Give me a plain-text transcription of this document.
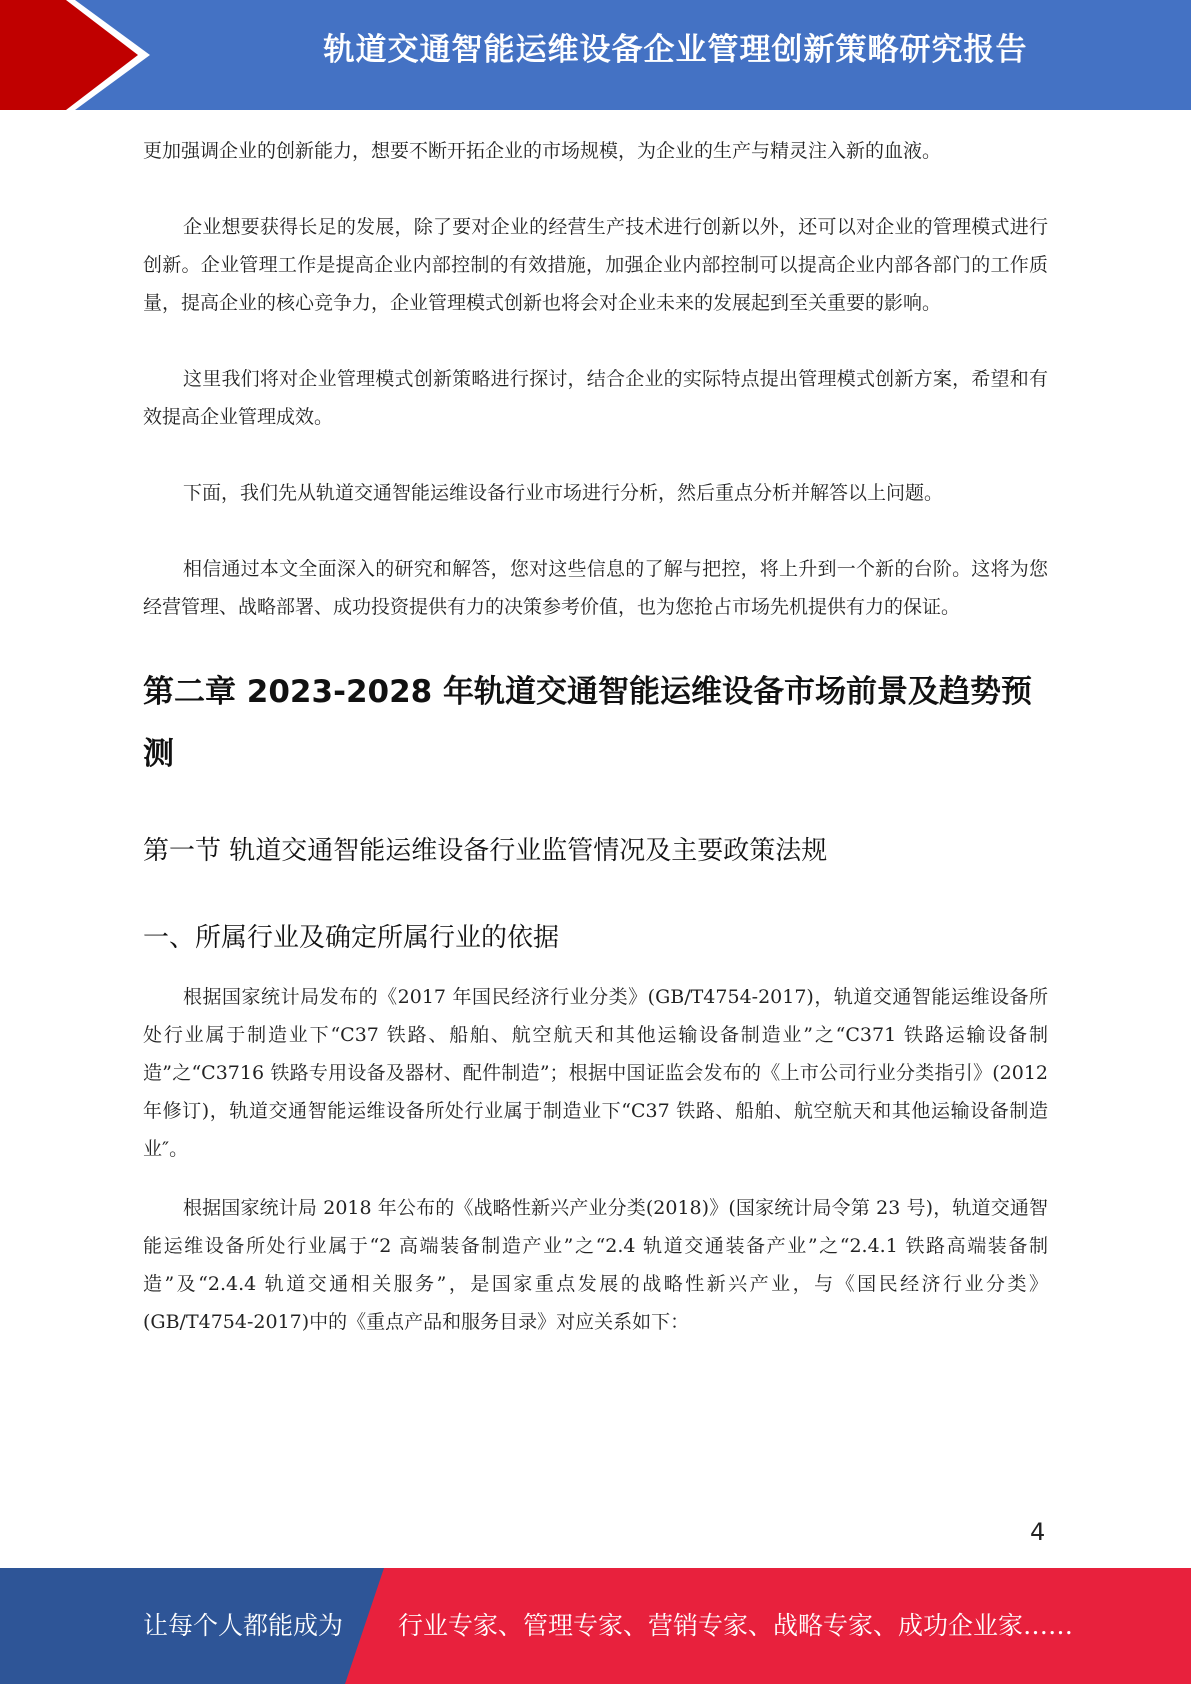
轨道交通智能运维设备企业管理创新策略研究报告

更加强调企业的创新能力，想要不断开拓企业的市场规模，为企业的生产与精灵注入新的血液。

企业想要获得长足的发展，除了要对企业的经营生产技术进行创新以外，还可以对企业的管理模式进行创新。企业管理工作是提高企业内部控制的有效措施，加强企业内部控制可以提高企业内部各部门的工作质量，提高企业的核心竞争力，企业管理模式创新也将会对企业未来的发展起到至关重要的影响。

这里我们将对企业管理模式创新策略进行探讨，结合企业的实际特点提出管理模式创新方案，希望和有效提高企业管理成效。

下面，我们先从轨道交通智能运维设备行业市场进行分析，然后重点分析并解答以上问题。

相信通过本文全面深入的研究和解答，您对这些信息的了解与把控，将上升到一个新的台阶。这将为您经营管理、战略部署、成功投资提供有力的决策参考价值，也为您抢占市场先机提供有力的保证。

第二章 2023-2028 年轨道交通智能运维设备市场前景及趋势预测
第一节 轨道交通智能运维设备行业监管情况及主要政策法规
一、所属行业及确定所属行业的依据

根据国家统计局发布的《2017 年国民经济行业分类》(GB/T4754-2017)，轨道交通智能运维设备所处行业属于制造业下“C37 铁路、船舶、航空航天和其他运输设备制造业”之“C371 铁路运输设备制造”之“C3716 铁路专用设备及器材、配件制造”；根据中国证监会发布的《上市公司行业分类指引》(2012 年修订)，轨道交通智能运维设备所处行业属于制造业下“C37 铁路、船舶、航空航天和其他运输设备制造业″。

根据国家统计局 2018 年公布的《战略性新兴产业分类(2018)》(国家统计局令第 23 号)，轨道交通智能运维设备所处行业属于“2 高端装备制造产业”之“2.4 轨道交通装备产业”之“2.4.1 铁路高端装备制造”及“2.4.4 轨道交通相关服务”，是国家重点发展的战略性新兴产业，与《国民经济行业分类》(GB/T4754-2017)中的《重点产品和服务目录》对应关系如下：

4
让每个人都能成为 行业专家、管理专家、营销专家、战略专家、成功企业家……
